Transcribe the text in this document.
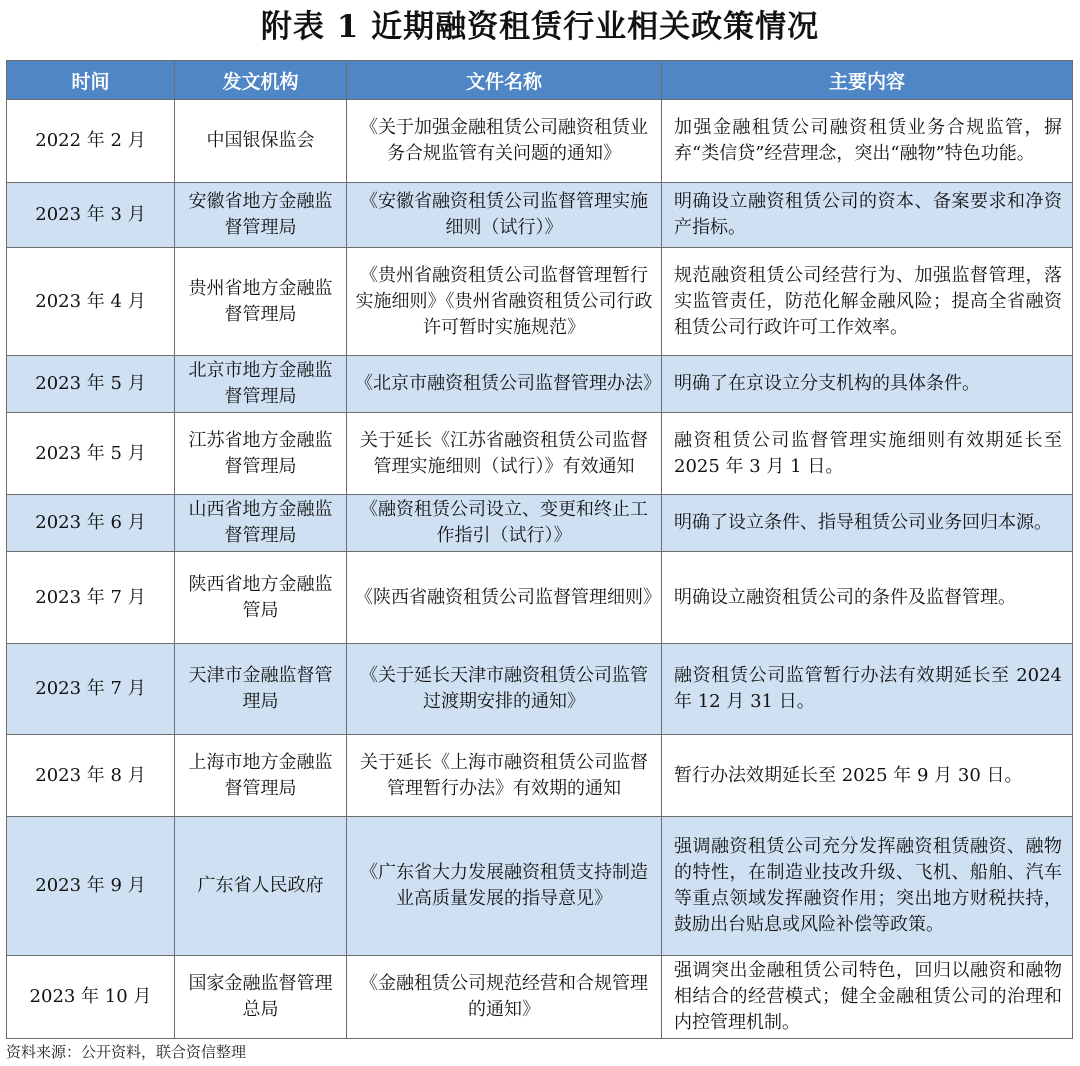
附表 1 近期融资租赁行业相关政策情况
时间	发文机构	文件名称	主要内容
2022 年 2 月	中国银保监会	《关于加强金融租赁公司融资租赁业务合规监管有关问题的通知》	加强金融租赁公司融资租赁业务合规监管，摒弃“类信贷”经营理念，突出“融物”特色功能。
2023 年 3 月	安徽省地方金融监督管理局	《安徽省融资租赁公司监督管理实施细则（试行）》	明确设立融资租赁公司的资本、备案要求和净资产指标。
2023 年 4 月	贵州省地方金融监督管理局	《贵州省融资租赁公司监督管理暂行实施细则》《贵州省融资租赁公司行政许可暂时实施规范》	规范融资租赁公司经营行为、加强监督管理，落实监管责任，防范化解金融风险；提高全省融资租赁公司行政许可工作效率。
2023 年 5 月	北京市地方金融监督管理局	《北京市融资租赁公司监督管理办法》	明确了在京设立分支机构的具体条件。
2023 年 5 月	江苏省地方金融监督管理局	关于延长《江苏省融资租赁公司监督管理实施细则（试行）》有效通知	融资租赁公司监督管理实施细则有效期延长至 2025 年 3 月 1 日。
2023 年 6 月	山西省地方金融监督管理局	《融资租赁公司设立、变更和终止工作指引（试行）》	明确了设立条件、指导租赁公司业务回归本源。
2023 年 7 月	陕西省地方金融监管局	《陕西省融资租赁公司监督管理细则》	明确设立融资租赁公司的条件及监督管理。
2023 年 7 月	天津市金融监督管理局	《关于延长天津市融资租赁公司监管过渡期安排的通知》	融资租赁公司监管暂行办法有效期延长至 2024 年 12 月 31 日。
2023 年 8 月	上海市地方金融监督管理局	关于延长《上海市融资租赁公司监督管理暂行办法》有效期的通知	暂行办法效期延长至 2025 年 9 月 30 日。
2023 年 9 月	广东省人民政府	《广东省大力发展融资租赁支持制造业高质量发展的指导意见》	强调融资租赁公司充分发挥融资租赁融资、融物的特性，在制造业技改升级、飞机、船舶、汽车等重点领域发挥融资作用；突出地方财税扶持，鼓励出台贴息或风险补偿等政策。
2023 年 10 月	国家金融监督管理总局	《金融租赁公司规范经营和合规管理的通知》	强调突出金融租赁公司特色，回归以融资和融物相结合的经营模式；健全金融租赁公司的治理和内控管理机制。
资料来源：公开资料，联合资信整理
